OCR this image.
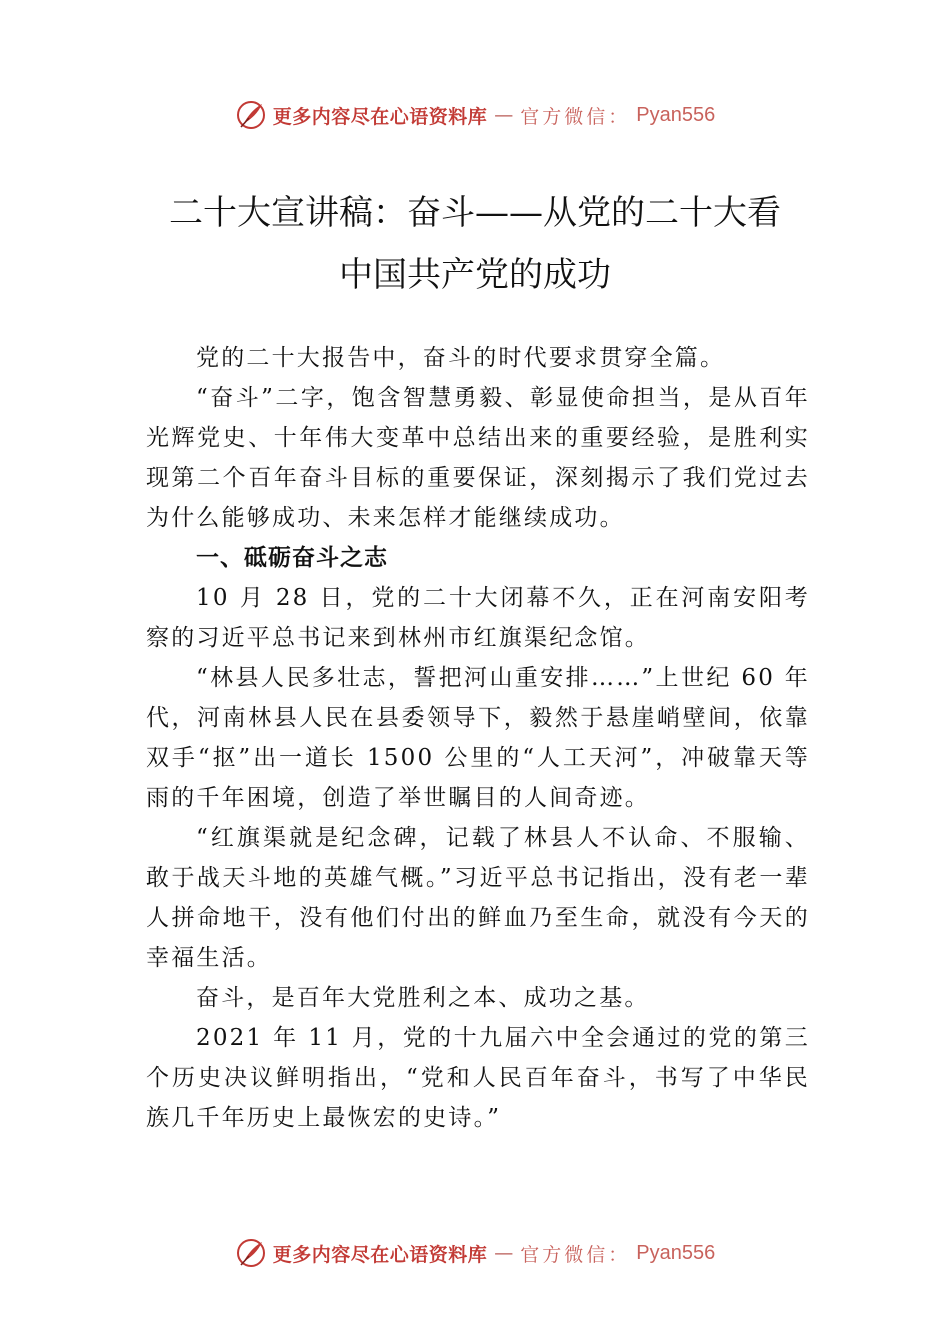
更多内容尽在心语资料库 — 官方微信： Pyan556
二十大宣讲稿：奋斗——从党的二十大看
中国共产党的成功

党的二十大报告中，奋斗的时代要求贯穿全篇。

“奋斗”二字，饱含智慧勇毅、彰显使命担当，是从百年光辉党史、十年伟大变革中总结出来的重要经验，是胜利实现第二个百年奋斗目标的重要保证，深刻揭示了我们党过去为什么能够成功、未来怎样才能继续成功。

一、砥砺奋斗之志

10 月 28 日，党的二十大闭幕不久，正在河南安阳考察的习近平总书记来到林州市红旗渠纪念馆。

“林县人民多壮志，誓把河山重安排……”上世纪 60 年代，河南林县人民在县委领导下，毅然于悬崖峭壁间，依靠双手“抠”出一道长 1500 公里的“人工天河”，冲破靠天等雨的千年困境，创造了举世瞩目的人间奇迹。

“红旗渠就是纪念碑，记载了林县人不认命、不服输、敢于战天斗地的英雄气概。”习近平总书记指出，没有老一辈人拼命地干，没有他们付出的鲜血乃至生命，就没有今天的幸福生活。

奋斗，是百年大党胜利之本、成功之基。

2021 年 11 月，党的十九届六中全会通过的党的第三个历史决议鲜明指出，“党和人民百年奋斗，书写了中华民族几千年历史上最恢宏的史诗。”

更多内容尽在心语资料库 — 官方微信： Pyan556
